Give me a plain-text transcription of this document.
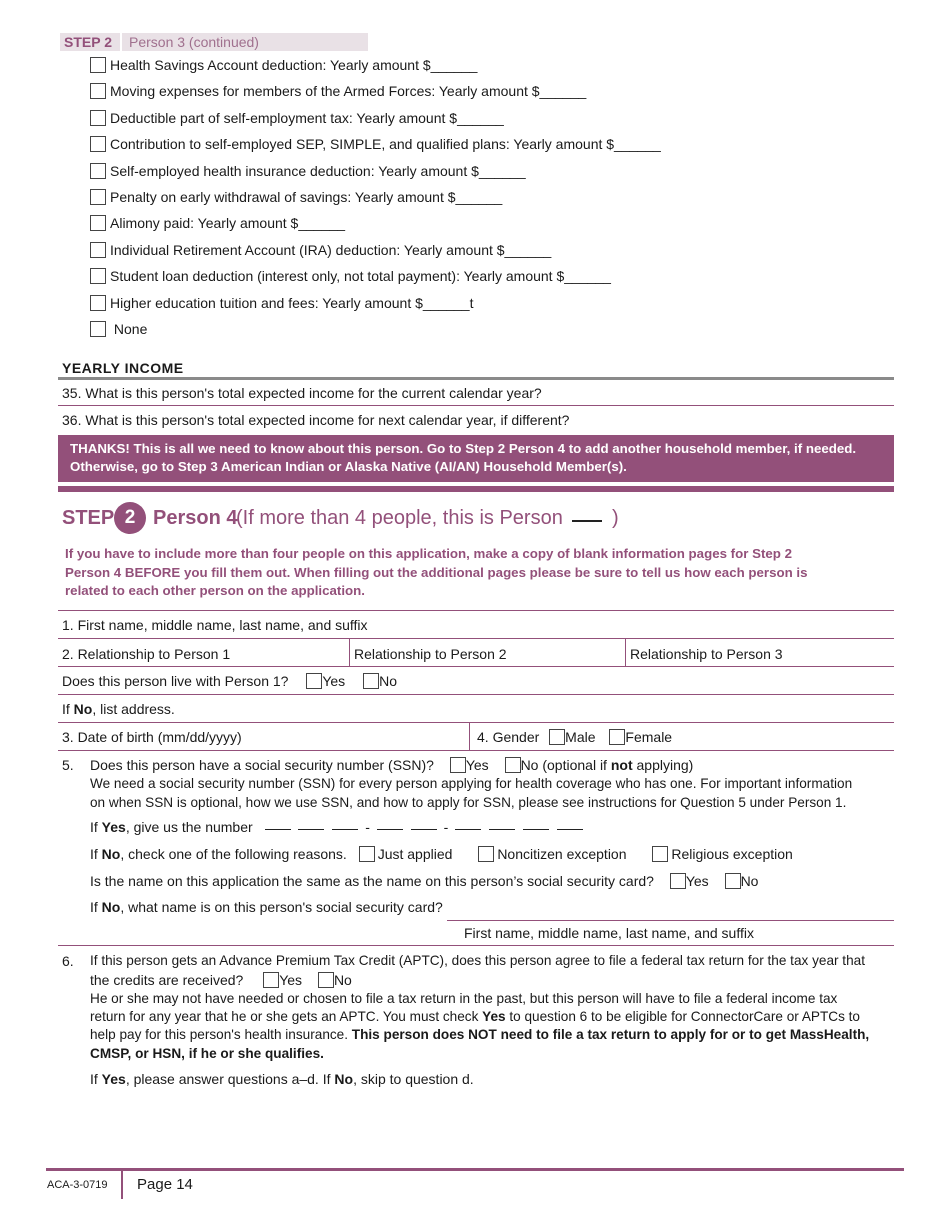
STEP 2 Person 3 (continued)
Health Savings Account deduction: Yearly amount $______
Moving expenses for members of the Armed Forces: Yearly amount $______
Deductible part of self-employment tax: Yearly amount $______
Contribution to self-employed SEP, SIMPLE, and qualified plans: Yearly amount $______
Self-employed health insurance deduction: Yearly amount $______
Penalty on early withdrawal of savings: Yearly amount $______
Alimony paid: Yearly amount $______
Individual Retirement Account (IRA) deduction: Yearly amount $______
Student loan deduction (interest only, not total payment): Yearly amount $______
Higher education tuition and fees: Yearly amount $______t
None
YEARLY INCOME
35. What is this person's total expected income for the current calendar year?
36. What is this person's total expected income for next calendar year, if different?
THANKS! This is all we need to know about this person. Go to Step 2 Person 4 to add another household member, if needed.
Otherwise, go to Step 3 American Indian or Alaska Native (AI/AN) Household Member(s).
STEP 2 Person 4
(If more than 4 people, this is Person )
If you have to include more than four people on this application, make a copy of blank information pages for Step 2
Person 4 BEFORE you fill them out. When filling out the additional pages please be sure to tell us how each person is
related to each other person on the application.
1. First name, middle name, last name, and suffix
2. Relationship to Person 1	Relationship to Person 2	Relationship to Person 3
Does this person live with Person 1? Yes No
If No, list address.
3. Date of birth (mm/dd/yyyy)	4. Gender Male Female
5. Does this person have a social security number (SSN)? Yes No (optional if not applying)
We need a social security number (SSN) for every person applying for health coverage who has one. For important information
on when SSN is optional, how we use SSN, and how to apply for SSN, please see instructions for Question 5 under Person 1.
If Yes, give us the number	-	-
If No, check one of the following reasons. Just applied	Noncitizen exception	Religious exception
Is the name on this application the same as the name on this person’s social security card? Yes No
If No, what name is on this person's social security card?
First name, middle name, last name, and suffix
6. If this person gets an Advance Premium Tax Credit (APTC), does this person agree to file a federal tax return for the tax year that
the credits are received?	Yes No
He or she may not have needed or chosen to file a tax return in the past, but this person will have to file a federal income tax
return for any year that he or she gets an APTC. You must check Yes to question 6 to be eligible for ConnectorCare or APTCs to
help pay for this person's health insurance. This person does NOT need to file a tax return to apply for or to get MassHealth,
CMSP, or HSN, if he or she qualifies.
If Yes, please answer questions a–d. If No, skip to question d.
ACA-3-0719 Page 14
